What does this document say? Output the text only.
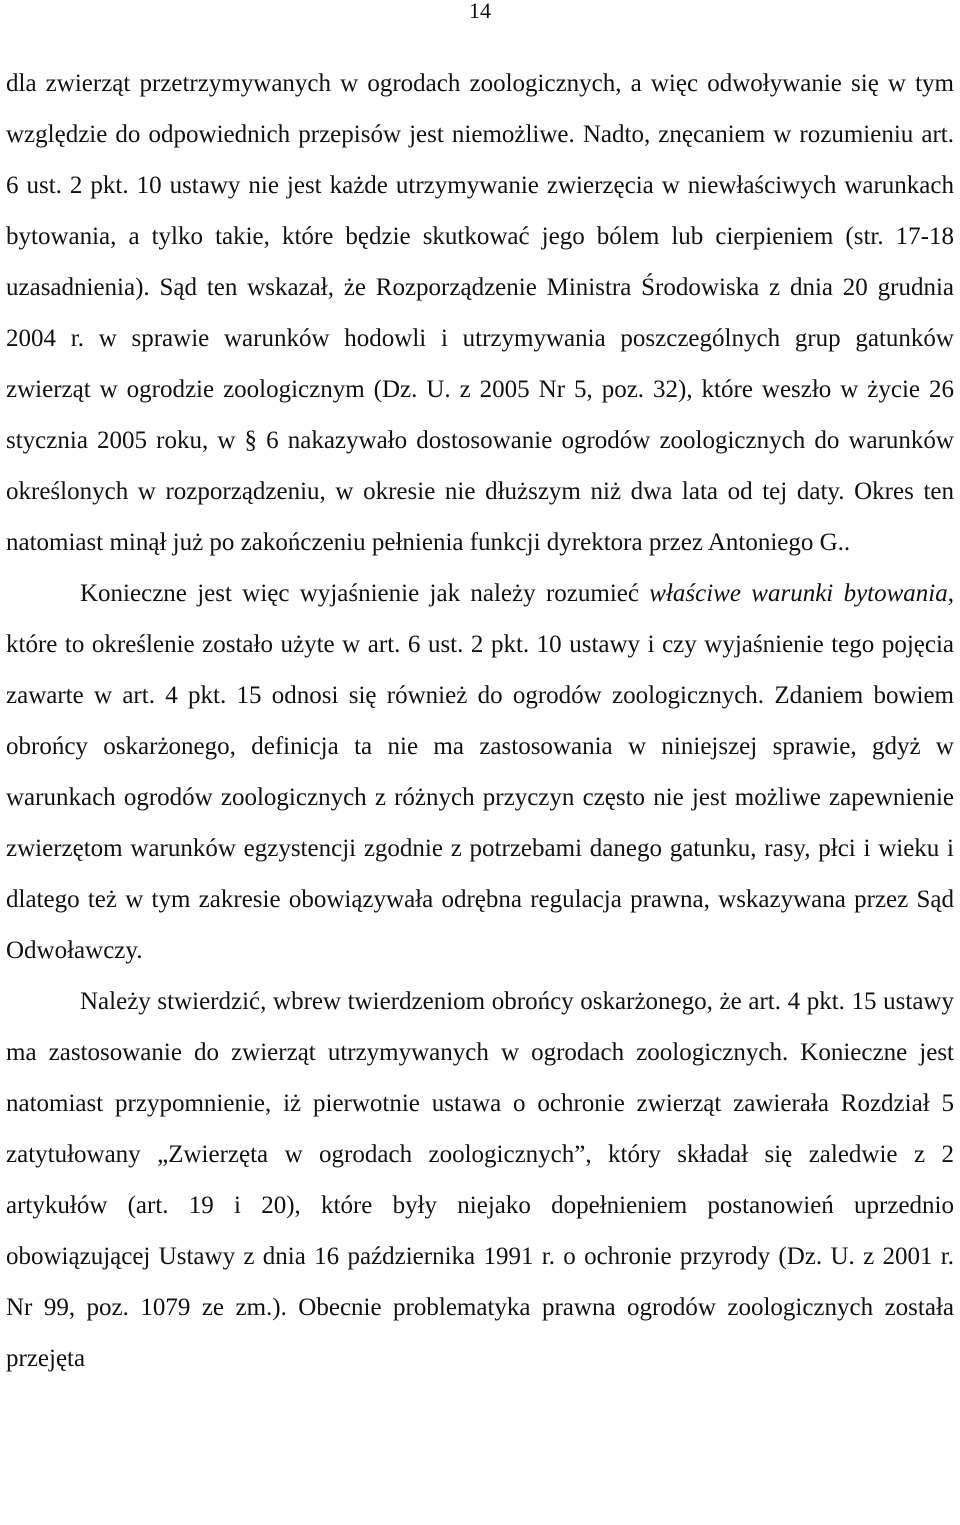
14

dla zwierząt przetrzymywanych w ogrodach zoologicznych, a więc odwoływanie się w tym względzie do odpowiednich przepisów jest niemożliwe. Nadto, znęcaniem w rozumieniu art. 6 ust. 2 pkt. 10 ustawy nie jest każde utrzymywanie zwierzęcia w niewłaściwych warunkach bytowania, a tylko takie, które będzie skutkować jego bólem lub cierpieniem (str. 17-18 uzasadnienia). Sąd ten wskazał, że Rozporządzenie Ministra Środowiska z dnia 20 grudnia 2004 r. w sprawie warunków hodowli i utrzymywania poszczególnych grup gatunków zwierząt w ogrodzie zoologicznym (Dz. U. z 2005 Nr 5, poz. 32), które weszło w życie 26 stycznia 2005 roku, w § 6 nakazywało dostosowanie ogrodów zoologicznych do warunków określonych w rozporządzeniu, w okresie nie dłuższym niż dwa lata od tej daty. Okres ten natomiast minął już po zakończeniu pełnienia funkcji dyrektora przez Antoniego G..

Konieczne jest więc wyjaśnienie jak należy rozumieć właściwe warunki bytowania, które to określenie zostało użyte w art. 6 ust. 2 pkt. 10 ustawy i czy wyjaśnienie tego pojęcia zawarte w art. 4 pkt. 15 odnosi się również do ogrodów zoologicznych. Zdaniem bowiem obrońcy oskarżonego, definicja ta nie ma zastosowania w niniejszej sprawie, gdyż w warunkach ogrodów zoologicznych z różnych przyczyn często nie jest możliwe zapewnienie zwierzętom warunków egzystencji zgodnie z potrzebami danego gatunku, rasy, płci i wieku i dlatego też w tym zakresie obowiązywała odrębna regulacja prawna, wskazywana przez Sąd Odwoławczy.

Należy stwierdzić, wbrew twierdzeniom obrońcy oskarżonego, że art. 4 pkt. 15 ustawy ma zastosowanie do zwierząt utrzymywanych w ogrodach zoologicznych. Konieczne jest natomiast przypomnienie, iż pierwotnie ustawa o ochronie zwierząt zawierała Rozdział 5 zatytułowany „Zwierzęta w ogrodach zoologicznych”, który składał się zaledwie z 2 artykułów (art. 19 i 20), które były niejako dopełnieniem postanowień uprzednio obowiązującej Ustawy z dnia 16 października 1991 r. o ochronie przyrody (Dz. U. z 2001 r. Nr 99, poz. 1079 ze zm.). Obecnie problematyka prawna ogrodów zoologicznych została przejęta
